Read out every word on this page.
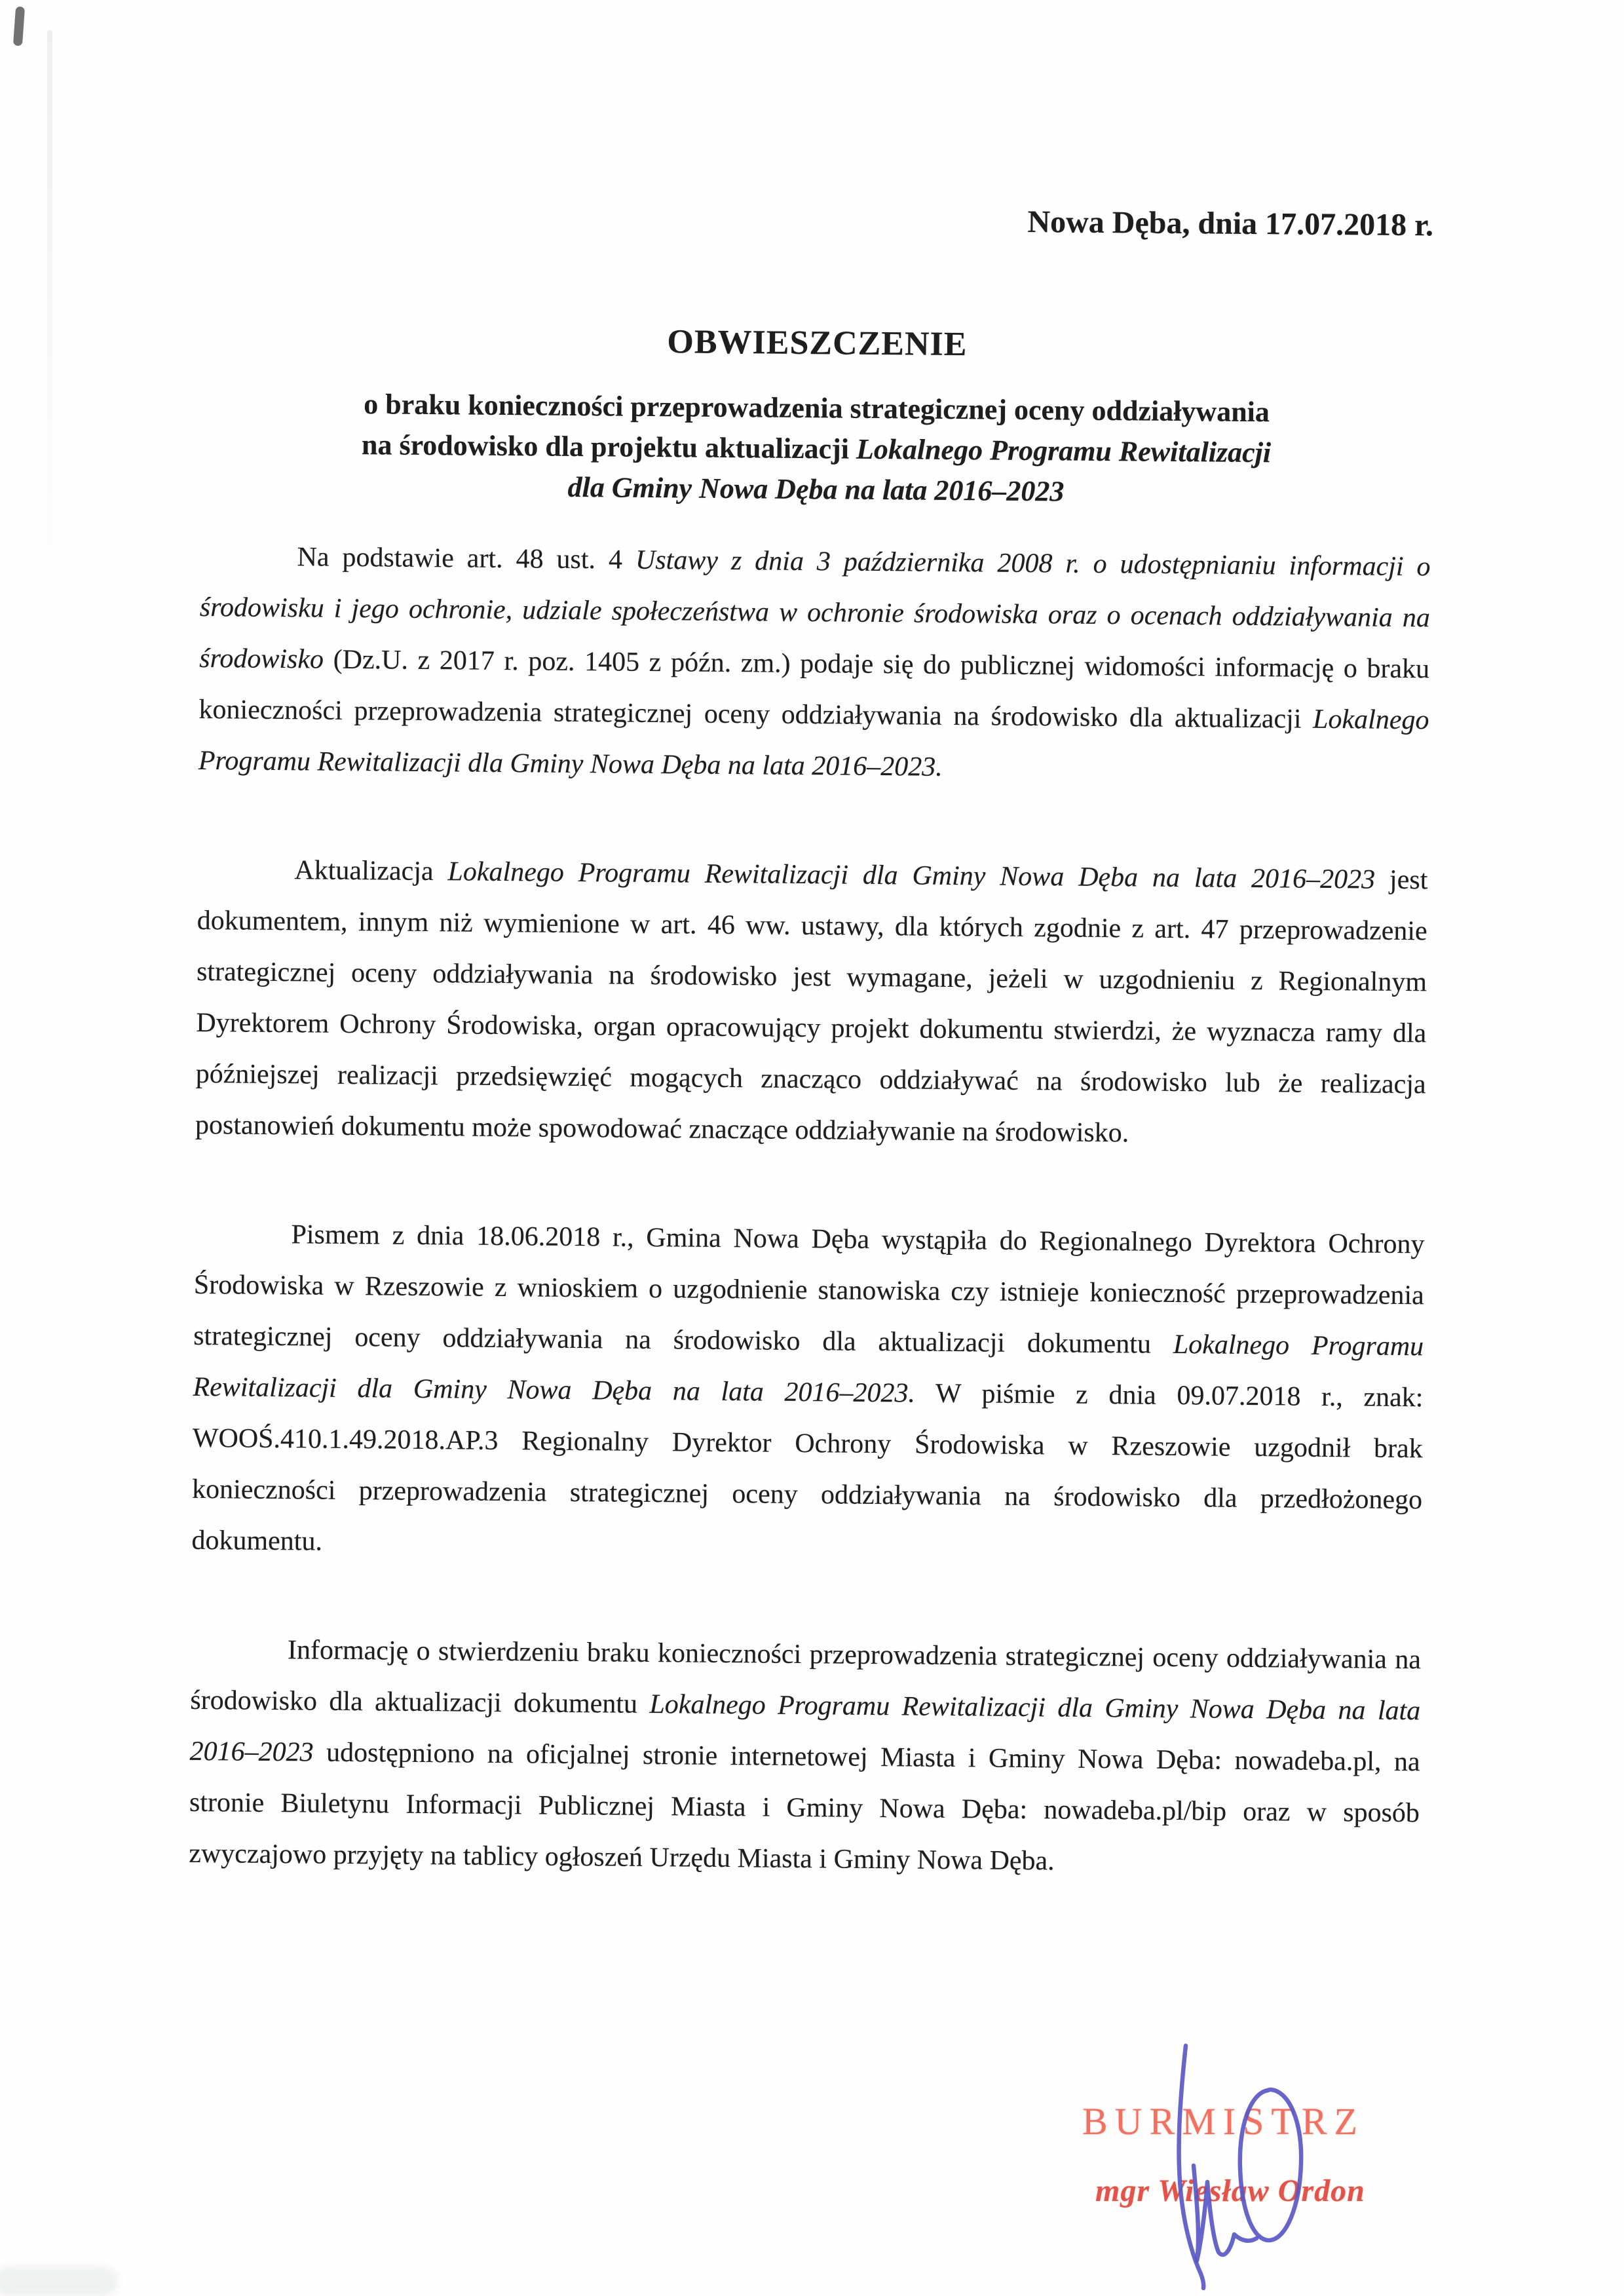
Nowa Dęba, dnia 17.07.2018 r.
OBWIESZCZENIE
o braku konieczności przeprowadzenia strategicznej oceny oddziaływania
na środowisko dla projektu aktualizacji Lokalnego Programu Rewitalizacji
dla Gminy Nowa Dęba na lata 2016–2023

Na podstawie art. 48 ust. 4 Ustawy z dnia 3 października 2008 r. o udostępnianiu informacji o środowisku i jego ochronie, udziale społeczeństwa w ochronie środowiska oraz o ocenach oddziaływania na środowisko (Dz.U. z 2017 r. poz. 1405 z późn. zm.) podaje się do publicznej widomości informację o braku konieczności przeprowadzenia strategicznej oceny oddziaływania na środowisko dla aktualizacji Lokalnego Programu Rewitalizacji dla Gminy Nowa Dęba na lata 2016–2023.

Aktualizacja Lokalnego Programu Rewitalizacji dla Gminy Nowa Dęba na lata 2016–2023 jest dokumentem, innym niż wymienione w art. 46 ww. ustawy, dla których zgodnie z art. 47 przeprowadzenie strategicznej oceny oddziaływania na środowisko jest wymagane, jeżeli w uzgodnieniu z Regionalnym Dyrektorem Ochrony Środowiska, organ opracowujący projekt dokumentu stwierdzi, że wyznacza ramy dla późniejszej realizacji przedsięwzięć mogących znacząco oddziaływać na środowisko lub że realizacja postanowień dokumentu może spowodować znaczące oddziaływanie na środowisko.

Pismem z dnia 18.06.2018 r., Gmina Nowa Dęba wystąpiła do Regionalnego Dyrektora Ochrony Środowiska w Rzeszowie z wnioskiem o uzgodnienie stanowiska czy istnieje konieczność przeprowadzenia strategicznej oceny oddziaływania na środowisko dla aktualizacji dokumentu Lokalnego Programu Rewitalizacji dla Gminy Nowa Dęba na lata 2016–2023. W piśmie z dnia 09.07.2018 r., znak: WOOŚ.410.1.49.2018.AP.3 Regionalny Dyrektor Ochrony Środowiska w Rzeszowie uzgodnił brak konieczności przeprowadzenia strategicznej oceny oddziaływania na środowisko dla przedłożonego dokumentu.

Informację o stwierdzeniu braku konieczności przeprowadzenia strategicznej oceny oddziaływania na środowisko dla aktualizacji dokumentu Lokalnego Programu Rewitalizacji dla Gminy Nowa Dęba na lata 2016–2023 udostępniono na oficjalnej stronie internetowej Miasta i Gminy Nowa Dęba: nowadeba.pl, na stronie Biuletynu Informacji Publicznej Miasta i Gminy Nowa Dęba: nowadeba.pl/bip oraz w sposób zwyczajowo przyjęty na tablicy ogłoszeń Urzędu Miasta i Gminy Nowa Dęba.

BURMISTRZ
mgr Wiesław Ordon
